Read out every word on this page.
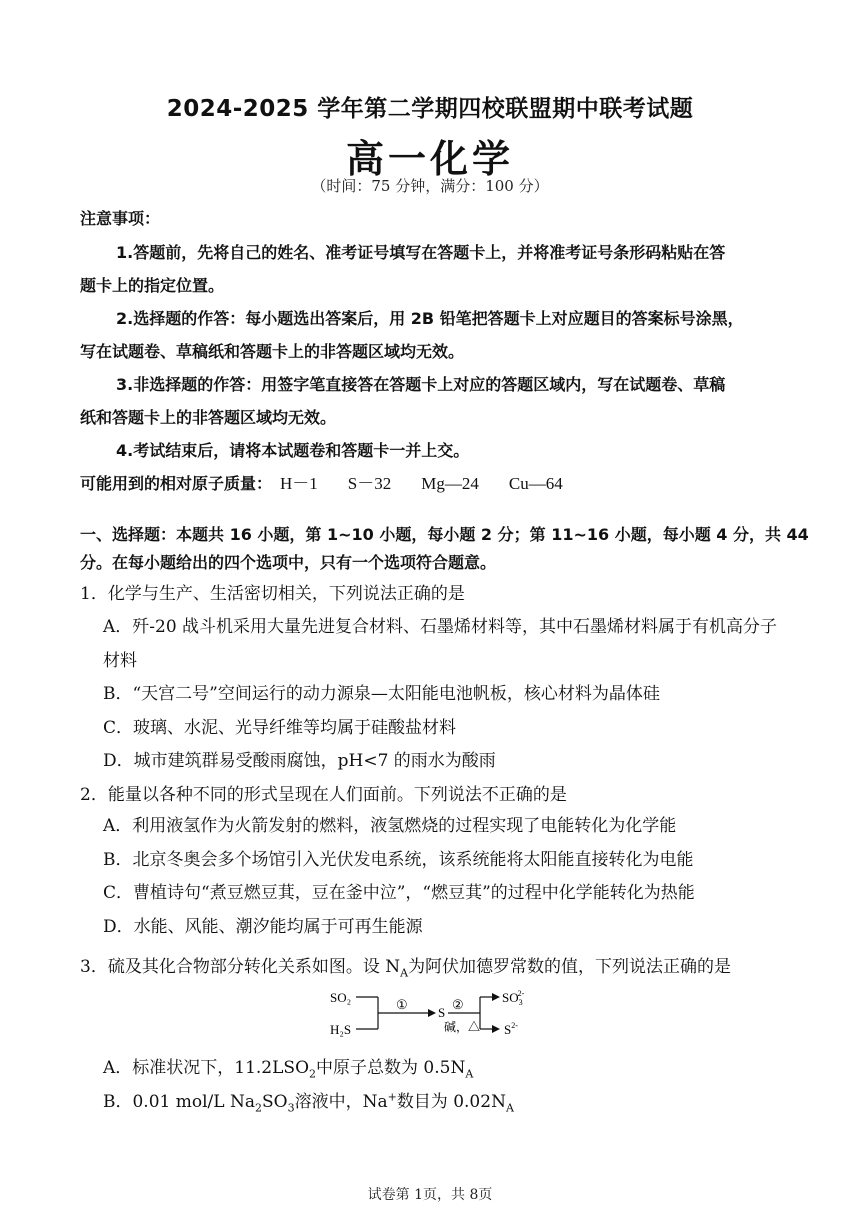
2024-2025 学年第二学期四校联盟期中联考试题
高一化学
（时间：75 分钟，满分：100 分）
注意事项：
1.答题前，先将自己的姓名、准考证号填写在答题卡上，并将准考证号条形码粘贴在答
题卡上的指定位置。
2.选择题的作答：每小题选出答案后，用 2B 铅笔把答题卡上对应题目的答案标号涂黑，
写在试题卷、草稿纸和答题卡上的非答题区域均无效。
3.非选择题的作答：用签字笔直接答在答题卡上对应的答题区域内，写在试题卷、草稿
纸和答题卡上的非答题区域均无效。
4.考试结束后，请将本试题卷和答题卡一并上交。
可能用到的相对原子质量： H－1 S－32 Mg—24 Cu—64
一、选择题：本题共 16 小题，第 1~10 小题，每小题 2 分；第 11~16 小题，每小题 4 分，共 44
分。在每小题给出的四个选项中，只有一个选项符合题意。
1．化学与生产、生活密切相关，下列说法正确的是
A．歼-20 战斗机采用大量先进复合材料、石墨烯材料等，其中石墨烯材料属于有机高分子
材料
B．“天宫二号”空间运行的动力源泉—太阳能电池帆板，核心材料为晶体硅
C．玻璃、水泥、光导纤维等均属于硅酸盐材料
D．城市建筑群易受酸雨腐蚀，pH<7 的雨水为酸雨
2．能量以各种不同的形式呈现在人们面前。下列说法不正确的是
A．利用液氢作为火箭发射的燃料，液氢燃烧的过程实现了电能转化为化学能
B．北京冬奥会多个场馆引入光伏发电系统，该系统能将太阳能直接转化为电能
C．曹植诗句“煮豆燃豆萁，豆在釜中泣”，“燃豆萁”的过程中化学能转化为热能
D．水能、风能、潮汐能均属于可再生能源
3．硫及其化合物部分转化关系如图。设 $N_A$为阿伏加德罗常数的值，下列说法正确的是
SO₂
H₂S
①
S
②
碱，△
$SO_32-$
$S^{2-}$
A．标准状况下，$11.2LSO_2$中原子总数为 $0.5N_A$
B．0.01 mol/L $Na_2SO_3$溶液中，Na+数目为 $0.02N_A$
试卷第 1页，共 8页
